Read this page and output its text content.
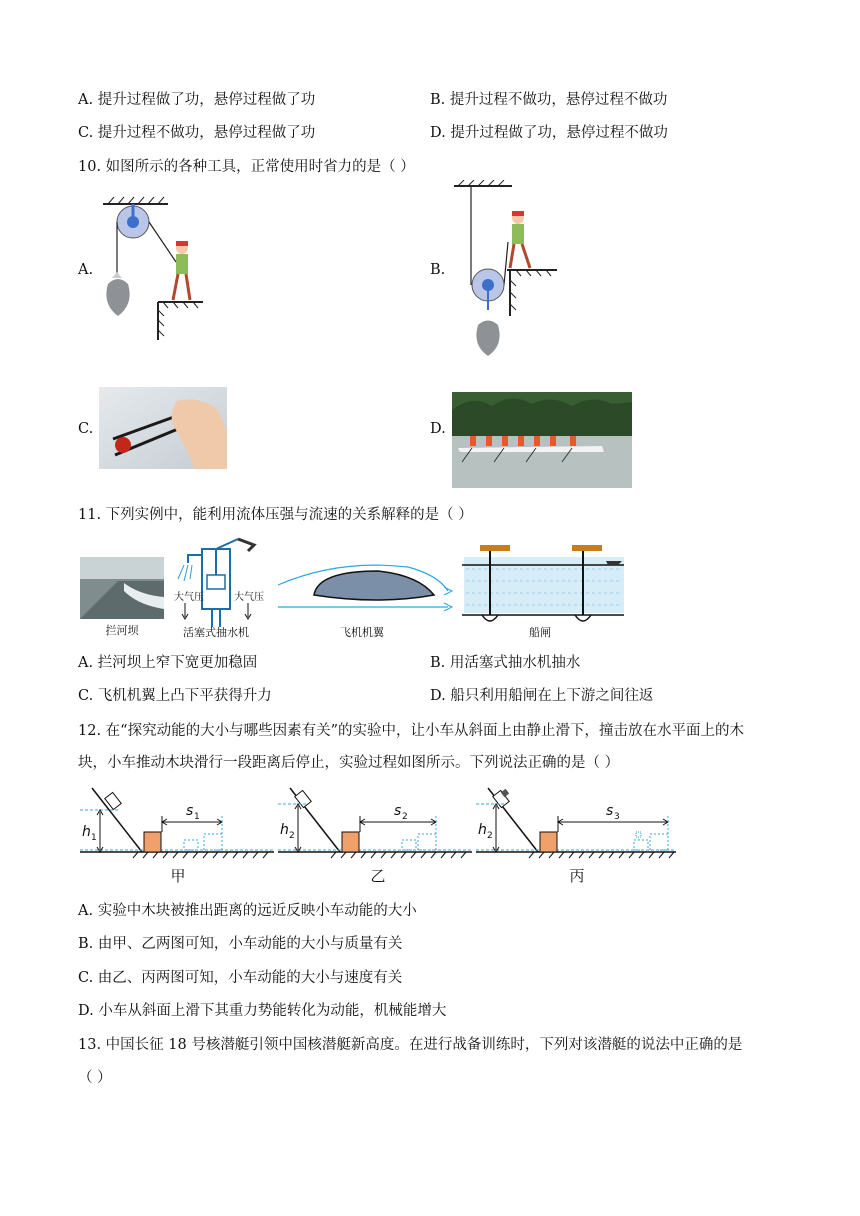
A. 提升过程做了功，悬停过程做了功	B. 提升过程不做功，悬停过程不做功
C. 提升过程不做功，悬停过程做了功	D. 提升过程做了功，悬停过程不做功
10. 如图所示的各种工具，正常使用时省力的是（ ）
A.	B.
C.	D.
11. 下列实例中，能利用流体压强与流速的关系解释的是（ ）
拦河坝
大气压	大气压
活塞式抽水机	飞机机翼	船闸
A. 拦河坝上窄下宽更加稳固	B. 用活塞式抽水机抽水
C. 飞机机翼上凸下平获得升力	D. 船只利用船闸在上下游之间往返
12. 在“探究动能的大小与哪些因素有关”的实验中，让小车从斜面上由静止滑下，撞击放在水平面上的木
块，小车推动木块滑行一段距离后停止，实验过程如图所示。下列说法正确的是（ ）
h 1
s 1
甲
h 2
s 2
乙
h 2
s 3
丙
A. 实验中木块被推出距离的远近反映小车动能的大小
B. 由甲、乙两图可知，小车动能的大小与质量有关
C. 由乙、丙两图可知，小车动能的大小与速度有关
D. 小车从斜面上滑下其重力势能转化为动能，机械能增大
13. 中国长征 18 号核潜艇引领中国核潜艇新高度。在进行战备训练时，下列对该潜艇的说法中正确的是
（ ）
